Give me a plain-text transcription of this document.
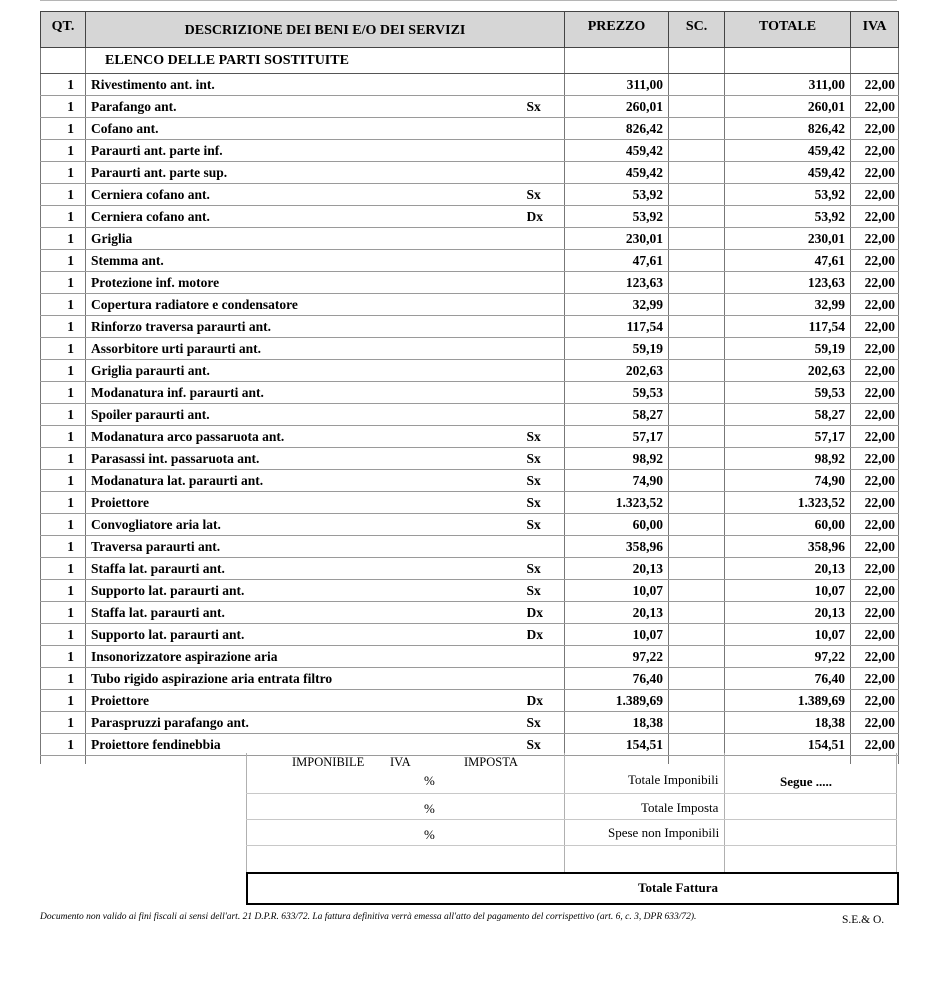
QT.	DESCRIZIONE DEI BENI E/O DEI SERVIZI		PREZZO	SC.	TOTALE	IVA
	ELENCO DELLE PARTI SOSTITUITE					
1	Rivestimento ant. int.		311,00		311,00	22,00
1	Parafango ant.	Sx	260,01		260,01	22,00
1	Cofano ant.		826,42		826,42	22,00
1	Paraurti ant. parte inf.		459,42		459,42	22,00
1	Paraurti ant. parte sup.		459,42		459,42	22,00
1	Cerniera cofano ant.	Sx	53,92		53,92	22,00
1	Cerniera cofano ant.	Dx	53,92		53,92	22,00
1	Griglia		230,01		230,01	22,00
1	Stemma ant.		47,61		47,61	22,00
1	Protezione inf. motore		123,63		123,63	22,00
1	Copertura radiatore e condensatore		32,99		32,99	22,00
1	Rinforzo traversa paraurti ant.		117,54		117,54	22,00
1	Assorbitore urti paraurti ant.		59,19		59,19	22,00
1	Griglia paraurti ant.		202,63		202,63	22,00
1	Modanatura inf. paraurti ant.		59,53		59,53	22,00
1	Spoiler paraurti ant.		58,27		58,27	22,00
1	Modanatura arco passaruota ant.	Sx	57,17		57,17	22,00
1	Parasassi int. passaruota ant.	Sx	98,92		98,92	22,00
1	Modanatura lat. paraurti ant.	Sx	74,90		74,90	22,00
1	Proiettore	Sx	1.323,52		1.323,52	22,00
1	Convogliatore aria lat.	Sx	60,00		60,00	22,00
1	Traversa paraurti ant.		358,96		358,96	22,00
1	Staffa lat. paraurti ant.	Sx	20,13		20,13	22,00
1	Supporto lat. paraurti ant.	Sx	10,07		10,07	22,00
1	Staffa lat. paraurti ant.	Dx	20,13		20,13	22,00
1	Supporto lat. paraurti ant.	Dx	10,07		10,07	22,00
1	Insonorizzatore aspirazione aria		97,22		97,22	22,00
1	Tubo rigido aspirazione aria entrata filtro		76,40		76,40	22,00
1	Proiettore	Dx	1.389,69		1.389,69	22,00
1	Paraspruzzi parafango ant.	Sx	18,38		18,38	22,00
1	Proiettore fendinebbia	Sx	154,51		154,51	22,00

IMPONIBILE IVA	IMPOSTA
%
%
%
Totale Imponibili
Totale Imposta
Spese non Imponibili
Segue .....
Totale Fattura
Documento non valido ai fini fiscali ai sensi dell'art. 21 D.P.R. 633/72. La fattura definitiva verrà emessa all'atto del pagamento del corrispettivo (art. 6, c. 3, DPR 633/72).	S.E.& O.
